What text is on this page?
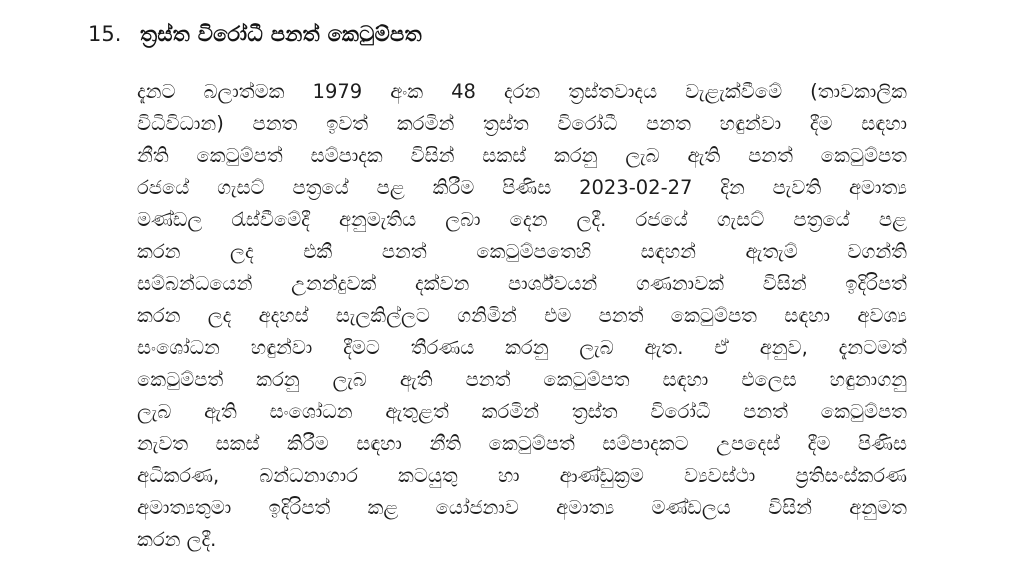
15. ත්‍රස්ත විරෝධී පනත් කෙටුම්පත
දැනට බලාත්මක 1979 අංක 48 දරන ත්‍රස්තවාදය වැළැක්වීමේ (තාවකාලික
විධිවිධාන) පනත ඉවත් කරමින් ත්‍රස්ත විරෝධී පනත හඳුන්වා දීම සඳහා
නීති කෙටුම්පත් සම්පාදක විසින් සකස් කරනු ලැබ ඇති පනත් කෙටුම්පත
රජයේ ගැසට් පත්‍රයේ පළ කිරීම පිණිස 2023-02-27 දින පැවති අමාත්‍ය
මණ්ඩල රැස්වීමේදී අනුමැතිය ලබා දෙන ලදී. රජයේ ගැසට් පත්‍රයේ පළ
කරන ලද එකී පනත් කෙටුම්පතෙහි සඳහන් ඇතැම් වගන්ති
සම්බන්ධයෙන් උනන්දුවක් දක්වන පාර්ශ්වයන් ගණනාවක් විසින් ඉදිරිපත්
කරන ලද අදහස් සැලකිල්ලට ගනිමින් එම පනත් කෙටුම්පත සඳහා අවශ්‍ය
සංශෝධන හඳුන්වා දීමට තීරණය කරනු ලැබ ඇත. ඒ අනුව, දැනටමත්
කෙටුම්පත් කරනු ලැබ ඇති පනත් කෙටුම්පත සඳහා එලෙස හඳුනාගනු
ලැබ ඇති සංශෝධන ඇතුළත් කරමින් ත්‍රස්ත විරෝධී පනත් කෙටුම්පත
නැවත සකස් කිරීම සඳහා නීති කෙටුම්පත් සම්පාදකට උපදෙස් දීම පිණිස
අධිකරණ, බන්ධනාගාර කටයුතු හා ආණ්ඩුක්‍රම ව්‍යවස්ථා ප්‍රතිසංස්කරණ
අමාත්‍යතුමා ඉදිරිපත් කළ යෝජනාව අමාත්‍ය මණ්ඩලය විසින් අනුමත
කරන ලදී.
